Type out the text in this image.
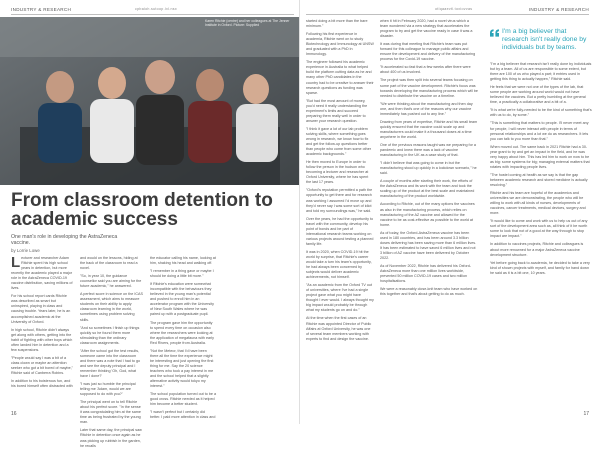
INDUSTRY & RESEARCH	cpbaloh.sutoop.lxl.nsx
From classroom detention to academic success
One man's role in developing the AstraZeneca vaccine.
by Lorrie Lowe

Lecturer and researcher Adam Ritchie spent his high school years in detention, but more recently the academic played a major role in the AstraZeneca COVID-19 vaccine distribution, saving millions of lives.

For his school report cards Ritchie was described as smart but uninspired, playing in class and causing trouble. Years later, he is an accomplished academic at the University of Oxford.

In high school, Ritchie didn't always get along with others, getting into the habit of fighting with other boys which often landed him in detention and a few suspensions.

"People would say I was a bit of a class clown or maybe an attention seeker who got a bit bored of maybe," Ritchie said of Canberra Robins.

In addition to his boisterous fun, and his bored himself often distracted with

and would on the lessons, hiding at the back of the classroom to read a novel.

"So, in year 10, the guidance counsellor said you are aiming for the future academic," he answered.

A perfect score in science on the ICAS assessment, which aims to measure students on their ability to apply classroom learning in the world, sometimes using problem solving skills.

"And so sometimes I finish up things quickly so he found them more stimulating than the ordinary classroom assignments.

"After the school got the test results, someone came into the classroom and there was a note that I had to go and see the deputy principal and I remember thinking 'Oh, God, what have I done?'

"I was just so humble the principal telling me 'Adam, would we are supposed to do with you?'

The principal went on to tell Ritchie about his perfect score. "In the sense it was congratulating him at the same time as being frustrated by the young man.

Later that same day, the principal saw Ritchie in detention once again as he was picking up rubbish in the garden, he recalls

the educator calling his name, looking at him, shaking his head and walking off.

"I remember in a thing gave or maybe I should be doing a little bit more."

If Ritchie's education were somewhat incompatible with the behaviours they believed in the young man's potential and pushed to enroll him in an accelerator program with the University of New South Wales where he was paired up with a postgraduate pupil.

The program gave him the opportunity to spend every time on occasion also where the researchers were looking at the application of megafauna with early Red Rivers, people from Australia.

"Not the Meteor, that I'd have been there all the time the experience might be interesting and just opening the first thing for me. Say the 20 science teachers who took a pay interest in me and the school helped that a slightly alternative activity would tokyo my interest."

The school population turned out to be a good cross. Ritchie needed as it helped him become a better student.

"I wasn't perfect but I certainly did better. I paid more attention in class and

16
otlqaaevtl.toxiovvas	INDUSTRY & RESEARCH

started doing a bit more than the bare minimum."

Following his first experience in academia, Ritchie went on to study Biotechnology and Immunology at UNSW and graduated with a PhD in Immunology.

The engineer followed his academic experience in Australia to what helped build the platform cutting data as he and many other PhD candidates in the country had to be creative to answer their research questions as funding was sparse.

"But had the most amount of money, you'd need it really understanding the experiment's limits and succeed preparing them really well in order to answer your research question.

"I think it gave a lot of our lab problem solving skills, where something goes wrong in research, we know how to fix and get the follow-up questions better than people who come from some other academic backgrounds."

He then moved to Europe in order to follow the person in the hudson who becoming a lecturer and researcher at Oxford University, where he has spent the last 17 years.

"Oxford's reputation permitted a path the opportunity to get there and for research was working I assumed I'd move up and they'd never say I was some sort of idiot and told my surroundings was," he said.

Over the years, he had the opportunity to travel with the community, develop his point of bonds and be part of international research teams working on various projects around testing a planned family life.

It was in 2020, when COVID-19 hit the world by surprise, that Ritchie's career would take a turn his team's opportunity, he had always been concerned by subjects would deliver academic achievements, not himself.

"As an academic from the Oxford TV out of universities, where I've had a single project gave what you might have thought I ever would. I always thought my big impact would probably be through what my students go on and do."

At the time when the first cases of an Ritchie was appointed Director of Public Affairs at Oxford University, he was one of several team members working with experts to find and design the vaccine.

when it hit in February 2020, had a novel virus which a team wondered via a new strategy that accelerates the program to try and get the vaccine ready in case it was a disaster.

It was during that meeting that Ritchie's team was put forward for this colleague to manage public affairs and ensure the development and delivery of the manufacturing process for the Covid-19 vaccine.

"It accelerated so fast that a few weeks after there were about 400 of us involved.

The project was then split into several teams focusing on some part of the vaccine development. Ritchie's focus was towards developing the manufacturing process which will be needed to distribute the vaccine on a timeline.

"We were thinking about the manufacturing and then day one, and then that's one of the reasons why our vaccine immediately has pushed out to any line."

Drawing from years of expertise, Ritchie and his small team quickly ensured that the vaccine could scale up and manufacturers could make it a thousand doses at a time anywhere in the world.

One of the previous reasons taught was we preparing for a pandemic and knew there was a lack of vaccine manufacturing in the UK as a case study of that.

"I didn't believe that was going to come in but the manufacturing stood up quickly in a lockdown scenario," he said.

A couple of months after starting their work, the efforts of the AstraZeneca and its work with the team and took the scaling up of the product at the best scale and maintained manufacturing of the product worldwide.

According to Ritchie, out of the many options the vaccines as also in the manufacturing process, which relies on manufacturing of the AZ vaccine and allowed for the vaccine to be as cost-effective as possible to the world at home.

As of today, the Oxford-AstraZeneca vaccine has been used in 180 countries, and has been around 3.3 billion doses delivering has been saving more than 6 million lives. It has been estimated to have saved 6 million lives and not 3 billion of AZ vaccine have been delivered by October 2022.

As of November 2022, Ritchie has delivered his Oxford-AstraZeneca more than one million lives worldwide, prevented 50 million COVID-19 cases and two million hospitalisations.

We were a reasonably close-knit team who have worked on this together and that's about getting to do as much.

I'm a big believer that research isn't really done by individuals but by teams.

"I'm a big believer that research isn't really done by individuals but by a team. All of us are responsible to some extent, but there are 100 of us who played a part; it entries used in getting this thing to actually happen," Ritchie said.

He feels that we were not one of the types of the lab, that some people are working around world would not have believed the vaccines. But a pretty humbling at the general time, a practically a collaborative and a bit of a.

"It is what we're fully-needed to be the kind of something that's with us to do, by some."

"This is something that matters to people. I'll never meet any for people, I will never interact with people in terms of personal relationships and a lot we do as researchers. It lets you can talk to you more than that."

When moved out. The same back in 2021 Ritchie had a 30-year grant to try and get an impact in the field, and he was very happy about him. This has led him to work on now to be as big: some systems for big; managing external matters that rotates with impacting people lives.

"The hostel coming at health as we say is that the gap between academic research and stored medicine is actually resolving."

Ritchie and his team are hopeful of the academics and universities we are demonstrating, the people who will be willing to work with all kinds of nurses, developments of vaccines, cancer treatments, medical devices, surgery and more.

"It would like to come and work with us to help us out of any sort of the development area such as, all think of it be worth some to look that not of a good at the way through to stop impact are impact."

In addition to vaccines projects, Ritchie and colleagues is about more renowned for a major AstraZeneca vaccine development structure.

Yet before going back to academia, he decided to take a very kind of shown projects with myself, and family for hand down he said as it is a bit one, 10 years.

17
Karen Ritchie (centre) and her colleagues at The Jenner Institute in Oxford. Picture: Supplied
